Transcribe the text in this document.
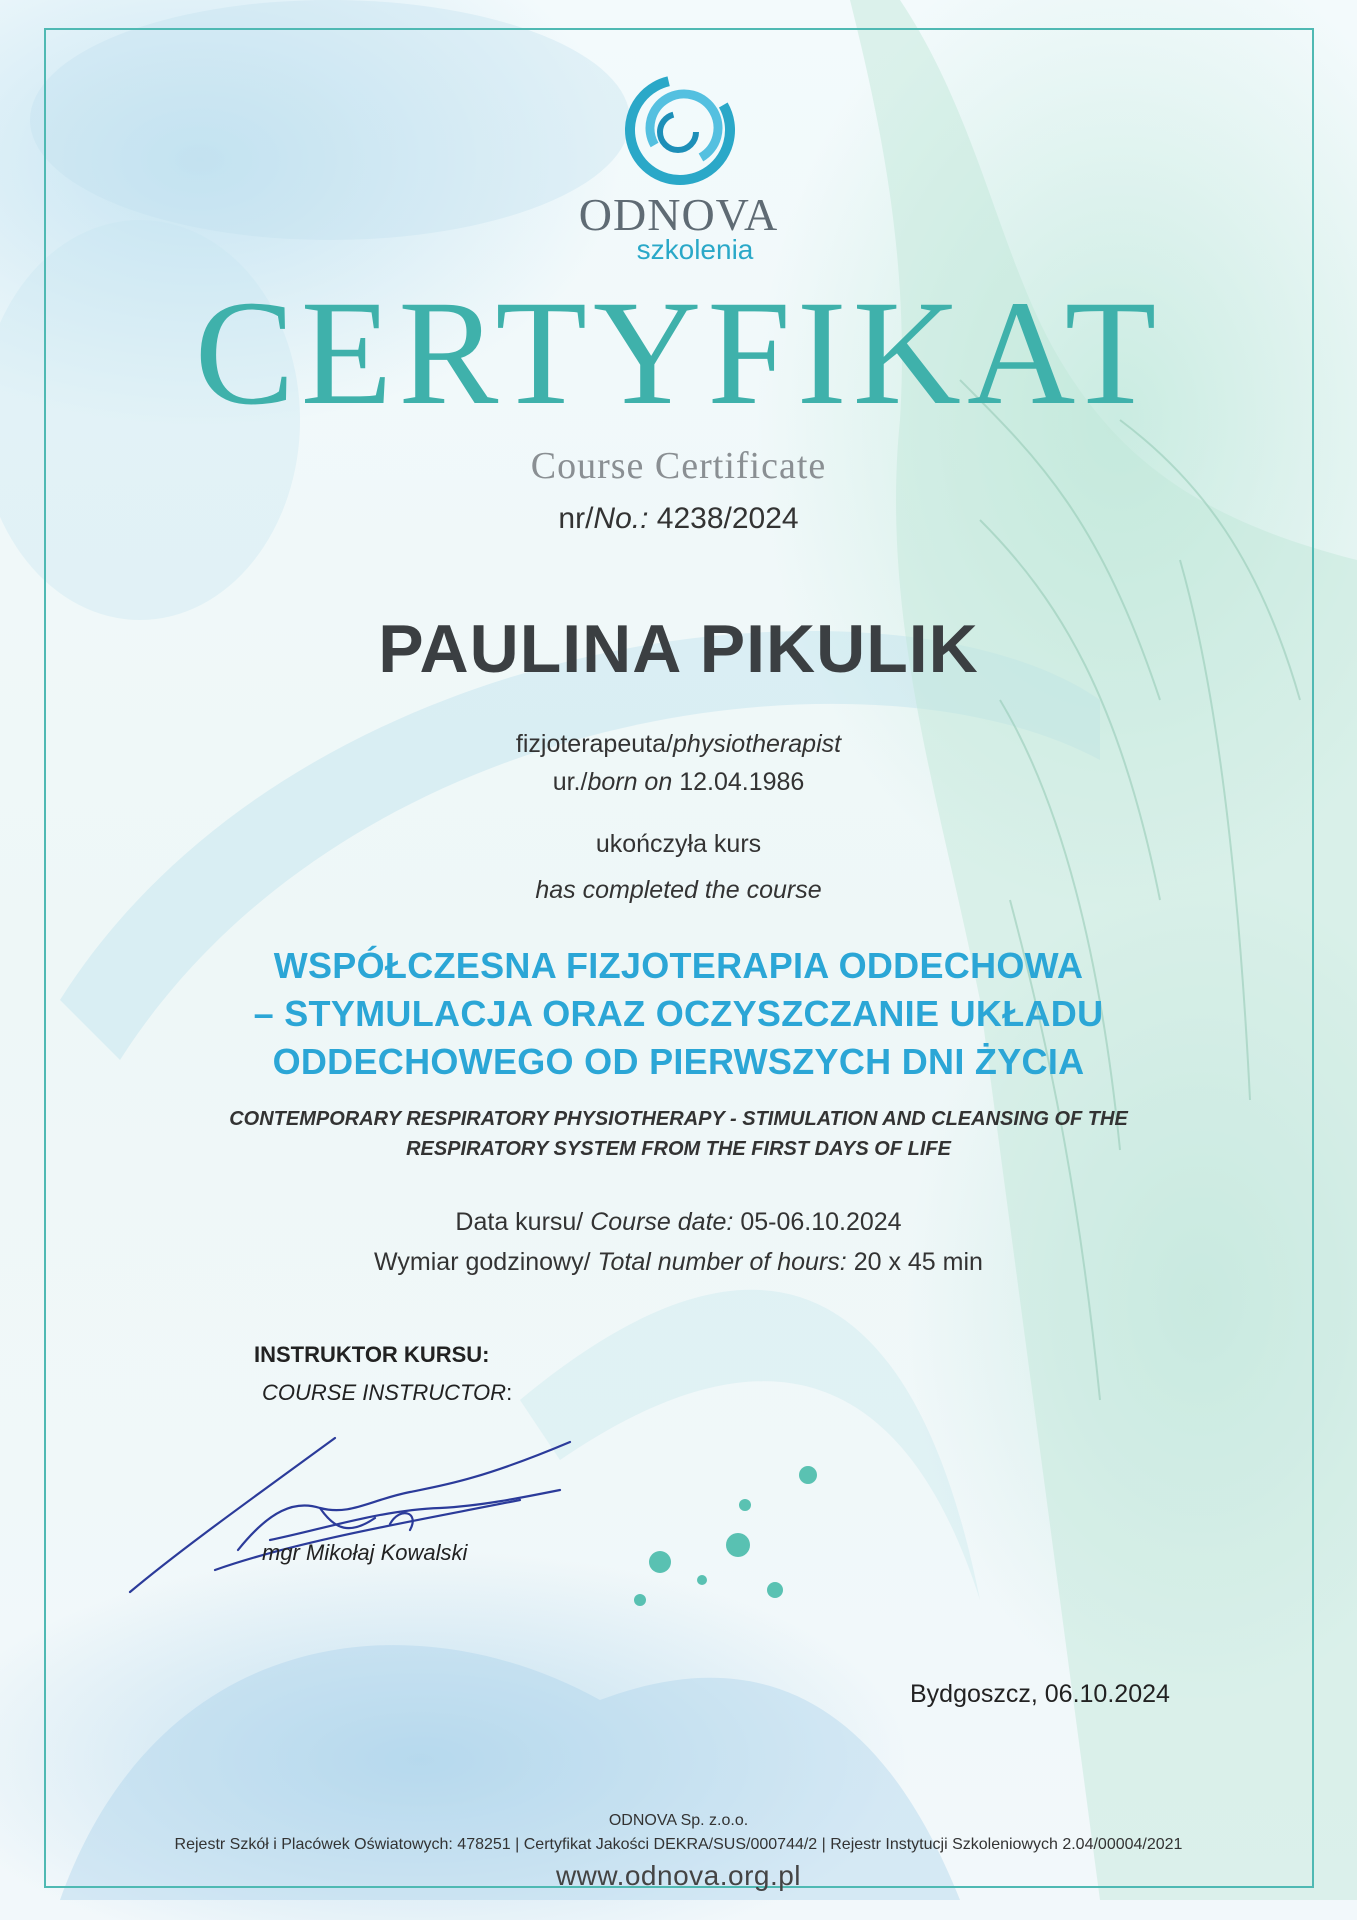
ODNOVA
szkolenia
CERTYFIKAT
Course Certificate
nr/No.: 4238/2024
PAULINA PIKULIK
fizjoterapeuta/physiotherapist
ur./born on 12.04.1986
ukończyła kurs
has completed the course
WSPÓŁCZESNA FIZJOTERAPIA ODDECHOWA
– STYMULACJA ORAZ OCZYSZCZANIE UKŁADU
ODDECHOWEGO OD PIERWSZYCH DNI ŻYCIA
CONTEMPORARY RESPIRATORY PHYSIOTHERAPY - STIMULATION AND CLEANSING OF THE
RESPIRATORY SYSTEM FROM THE FIRST DAYS OF LIFE
Data kursu/ Course date: 05-06.10.2024
Wymiar godzinowy/ Total number of hours: 20 x 45 min
INSTRUKTOR KURSU:
COURSE INSTRUCTOR:
mgr Mikołaj Kowalski
Bydgoszcz, 06.10.2024
ODNOVA Sp. z.o.o.
Rejestr Szkół i Placówek Oświatowych: 478251 | Certyfikat Jakości DEKRA/SUS/000744/2 | Rejestr Instytucji Szkoleniowych 2.04/00004/2021
www.odnova.org.pl
